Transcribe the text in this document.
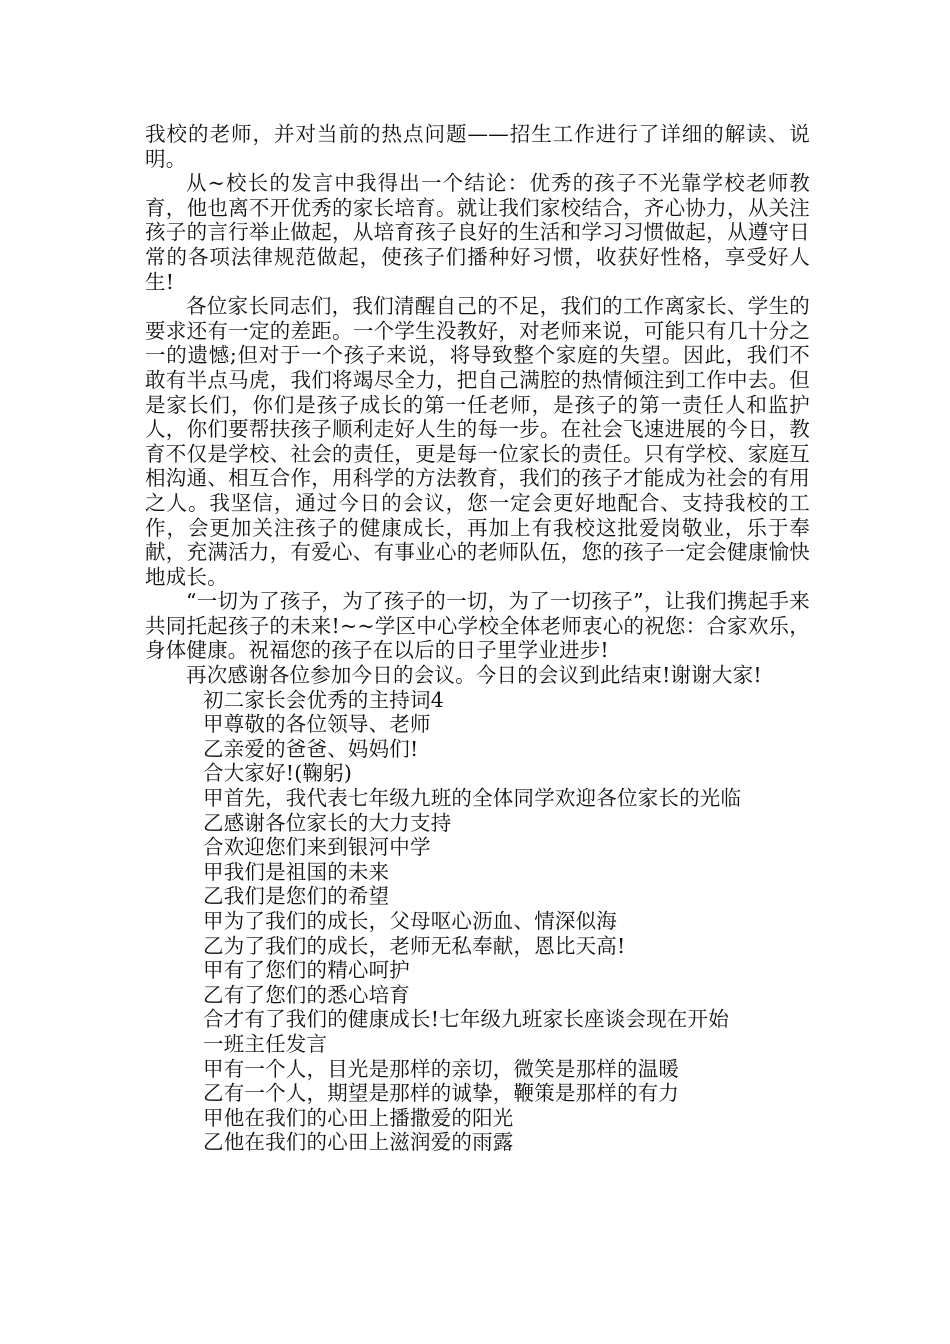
我校的老师，并对当前的热点问题——招生工作进行了详细的解读、说明。

从~校长的发言中我得出一个结论：优秀的孩子不光靠学校老师教育，他也离不开优秀的家长培育。就让我们家校结合，齐心协力，从关注孩子的言行举止做起，从培育孩子良好的生活和学习习惯做起，从遵守日常的各项法律规范做起，使孩子们播种好习惯，收获好性格，享受好人生!

各位家长同志们，我们清醒自己的不足，我们的工作离家长、学生的要求还有一定的差距。一个学生没教好，对老师来说，可能只有几十分之一的遗憾;但对于一个孩子来说，将导致整个家庭的失望。因此，我们不敢有半点马虎，我们将竭尽全力，把自己满腔的热情倾注到工作中去。但是家长们，你们是孩子成长的第一任老师，是孩子的第一责任人和监护人，你们要帮扶孩子顺利走好人生的每一步。在社会飞速进展的今日，教育不仅是学校、社会的责任，更是每一位家长的责任。只有学校、家庭互相沟通、相互合作，用科学的方法教育，我们的孩子才能成为社会的有用之人。我坚信，通过今日的会议，您一定会更好地配合、支持我校的工作，会更加关注孩子的健康成长，再加上有我校这批爱岗敬业，乐于奉献，充满活力，有爱心、有事业心的老师队伍，您的孩子一定会健康愉快地成长。

“一切为了孩子，为了孩子的一切，为了一切孩子”，让我们携起手来共同托起孩子的未来!~~学区中心学校全体老师衷心的祝您：合家欢乐，身体健康。祝福您的孩子在以后的日子里学业进步!

再次感谢各位参加今日的会议。今日的会议到此结束!谢谢大家!

初二家长会优秀的主持词4

甲尊敬的各位领导、老师

乙亲爱的爸爸、妈妈们!

合大家好!(鞠躬)

甲首先，我代表七年级九班的全体同学欢迎各位家长的光临

乙感谢各位家长的大力支持

合欢迎您们来到银河中学

甲我们是祖国的未来

乙我们是您们的希望

甲为了我们的成长，父母呕心沥血、情深似海

乙为了我们的成长，老师无私奉献，恩比天高!

甲有了您们的精心呵护

乙有了您们的悉心培育

合才有了我们的健康成长!七年级九班家长座谈会现在开始

一班主任发言

甲有一个人，目光是那样的亲切，微笑是那样的温暖

乙有一个人，期望是那样的诚挚，鞭策是那样的有力

甲他在我们的心田上播撒爱的阳光

乙他在我们的心田上滋润爱的雨露
